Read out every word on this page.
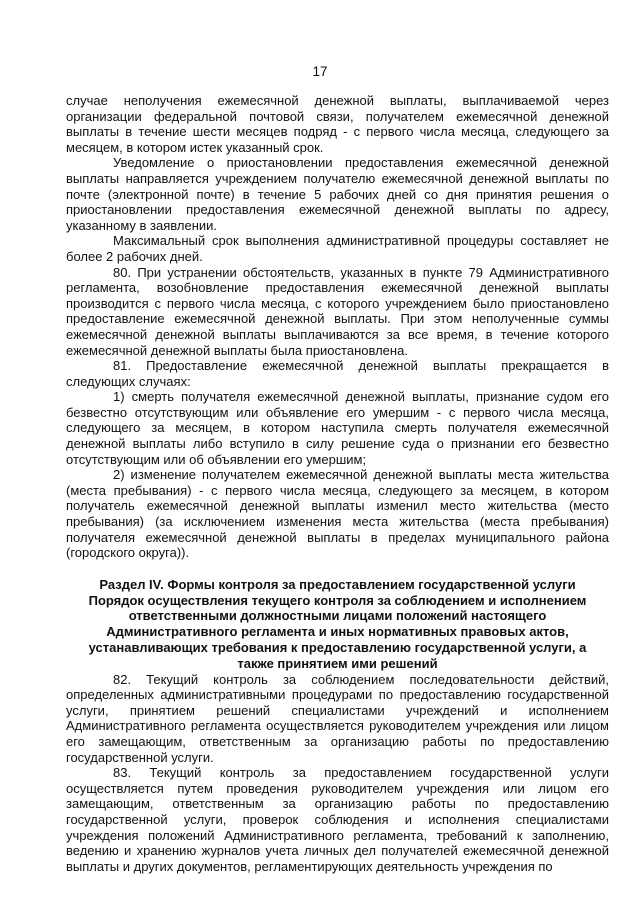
17

случае неполучения ежемесячной денежной выплаты, выплачиваемой через организации федеральной почтовой связи, получателем ежемесячной денежной выплаты в течение шести месяцев подряд - с первого числа месяца, следующего за месяцем, в котором истек указанный срок.

Уведомление о приостановлении предоставления ежемесячной денежной выплаты направляется учреждением получателю ежемесячной денежной выплаты по почте (электронной почте) в течение 5 рабочих дней со дня принятия решения о приостановлении предоставления ежемесячной денежной выплаты по адресу, указанному в заявлении.

Максимальный срок выполнения административной процедуры составляет не более 2 рабочих дней.

80. При устранении обстоятельств, указанных в пункте 79 Административного регламента, возобновление предоставления ежемесячной денежной выплаты производится с первого числа месяца, с которого учреждением было приостановлено предоставление ежемесячной денежной выплаты. При этом неполученные суммы ежемесячной денежной выплаты выплачиваются за все время, в течение которого ежемесячной денежной выплаты была приостановлена.

81. Предоставление ежемесячной денежной выплаты прекращается в следующих случаях:

1) смерть получателя ежемесячной денежной выплаты, признание судом его безвестно отсутствующим или объявление его умершим - с первого числа месяца, следующего за месяцем, в котором наступила смерть получателя ежемесячной денежной выплаты либо вступило в силу решение суда о признании его безвестно отсутствующим или об объявлении его умершим;

2) изменение получателем ежемесячной денежной выплаты места жительства (места пребывания) - с первого числа месяца, следующего за месяцем, в котором получатель ежемесячной денежной выплаты изменил место жительства (место пребывания) (за исключением изменения места жительства (места пребывания) получателя ежемесячной денежной выплаты в пределах муниципального района (городского округа)).

Раздел IV. Формы контроля за предоставлением государственной услуги
Порядок осуществления текущего контроля за соблюдением и исполнением
ответственными должностными лицами положений настоящего
Административного регламента и иных нормативных правовых актов,
устанавливающих требования к предоставлению государственной услуги, а
также принятием ими решений

82. Текущий контроль за соблюдением последовательности действий, определенных административными процедурами по предоставлению государственной услуги, принятием решений специалистами учреждений и исполнением Административного регламента осуществляется руководителем учреждения или лицом его замещающим, ответственным за организацию работы по предоставлению государственной услуги.

83. Текущий контроль за предоставлением государственной услуги осуществляется путем проведения руководителем учреждения или лицом его замещающим, ответственным за организацию работы по предоставлению государственной услуги, проверок соблюдения и исполнения специалистами учреждения положений Административного регламента, требований к заполнению, ведению и хранению журналов учета личных дел получателей ежемесячной денежной выплаты и других документов, регламентирующих деятельность учреждения по
